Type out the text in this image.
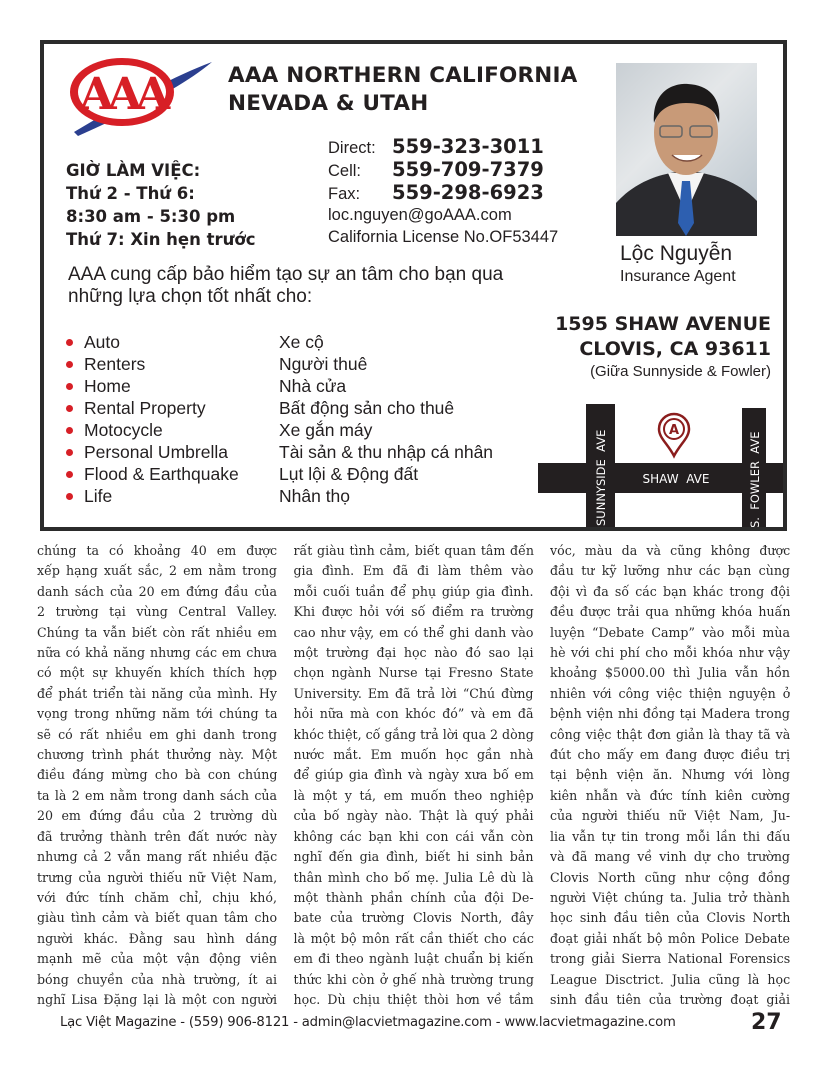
AAA	AAA NORTHERN CALIFORNIA
NEVADA & UTAH
GIỜ LÀM VIỆC:
Thứ 2 - Thứ 6:
8:30 am - 5:30 pm
Thứ 7: Xin hẹn trước
Direct: 559-323-3011
Cell:	559-709-7379
Fax:	559-298-6923
loc.nguyen@goAAA.com
California License No.OF53447
Lộc Nguyễn
Insurance Agent
AAA cung cấp bảo hiểm tạo sự an tâm cho bạn qua
những lựa chọn tốt nhất cho:
Auto	Xe cộ
Renters	Người thuê
Home	Nhà cửa
Rental Property	Bất động sản cho thuê
Motocycle	Xe gắn máy
Personal Umbrella	Tài sản & thu nhập cá nhân
Flood & Earthquake	Lụt lội & Động đất
Life	Nhân thọ
1595 SHAW AVENUE
CLOVIS, CA 93611
(Giữa Sunnyside & Fowler)
SHAW  AVE
SUNNYSIDE  AVE	S.  FOWLER  AVE
A
chúng ta có khoảng 40 em được
xếp hạng xuất sắc, 2 em nằm trong
danh sách của 20 em đứng đầu của
2 trường tại vùng Central Valley.
Chúng ta vẫn biết còn rất nhiều em
nữa có khả năng nhưng các em chưa
có một sự khuyến khích thích hợp
để phát triển tài năng của mình. Hy
vọng trong những năm tới chúng ta
sẽ có rất nhiều em ghi danh trong
chương trình phát thưởng này. Một
điều đáng mừng cho bà con chúng
ta là 2 em nằm trong danh sách của
20 em đứng đầu của 2 trường dù
đã trưởng thành trên đất nước này
nhưng cả 2 vẫn mang rất nhiều đặc
trưng của người thiếu nữ Việt Nam,
với đức tính chăm chỉ, chịu khó,
giàu tình cảm và biết quan tâm cho
người khác. Đằng sau hình dáng
mạnh mẽ của một vận động viên
bóng chuyền của nhà trường, ít ai
nghĩ Lisa Đặng lại là một con người
rất giàu tình cảm, biết quan tâm đến
gia đình. Em đã đi làm thêm vào
mỗi cuối tuần để phụ giúp gia đình.
Khi được hỏi với số điểm ra trường
cao như vậy, em có thể ghi danh vào
một trường đại học nào đó sao lại
chọn ngành Nurse tại Fresno State
University. Em đã trả lời “Chú đừng
hỏi nữa mà con khóc đó” và em đã
khóc thiệt, cố gắng trả lời qua 2 dòng
nước mắt. Em muốn học gần nhà
để giúp gia đình và ngày xưa bố em
là một y tá, em muốn theo nghiệp
của bố ngày nào. Thật là quý phải
không các bạn khi con cái vẫn còn
nghĩ đến gia đình, biết hi sinh bản
thân mình cho bố mẹ. Julia Lê dù là
một thành phần chính của đội De-
bate của trường Clovis North, đây
là một bộ môn rất cần thiết cho các
em đi theo ngành luật chuẩn bị kiến
thức khi còn ở ghế nhà trường trung
học. Dù chịu thiệt thòi hơn về tầm
vóc, màu da và cũng không được
đầu tư kỹ lưỡng như các bạn cùng
đội vì đa số các bạn khác trong đội
đều được trải qua những khóa huấn
luyện “Debate Camp” vào mỗi mùa
hè với chi phí cho mỗi khóa như vậy
khoảng $5000.00 thì Julia vẫn hồn
nhiên với công việc thiện nguyện ở
bệnh viện nhi đồng tại Madera trong
công việc thật đơn giản là thay tã và
đút cho mấy em đang được điều trị
tại bệnh viện ăn. Nhưng với lòng
kiên nhẫn và đức tính kiên cường
của người thiếu nữ Việt Nam, Ju-
lia vẫn tự tin trong mỗi lần thi đấu
và đã mang về vinh dự cho trường
Clovis North cũng như cộng đồng
người Việt chúng ta. Julia trở thành
học sinh đầu tiên của Clovis North
đoạt giải nhất bộ môn Police Debate
trong giải Sierra National Forensics
League Disctrict. Julia cũng là học
sinh đầu tiên của trường đoạt giải
Lạc Việt Magazine - (559) 906-8121 - admin@lacvietmagazine.com - www.lacvietmagazine.com	27
